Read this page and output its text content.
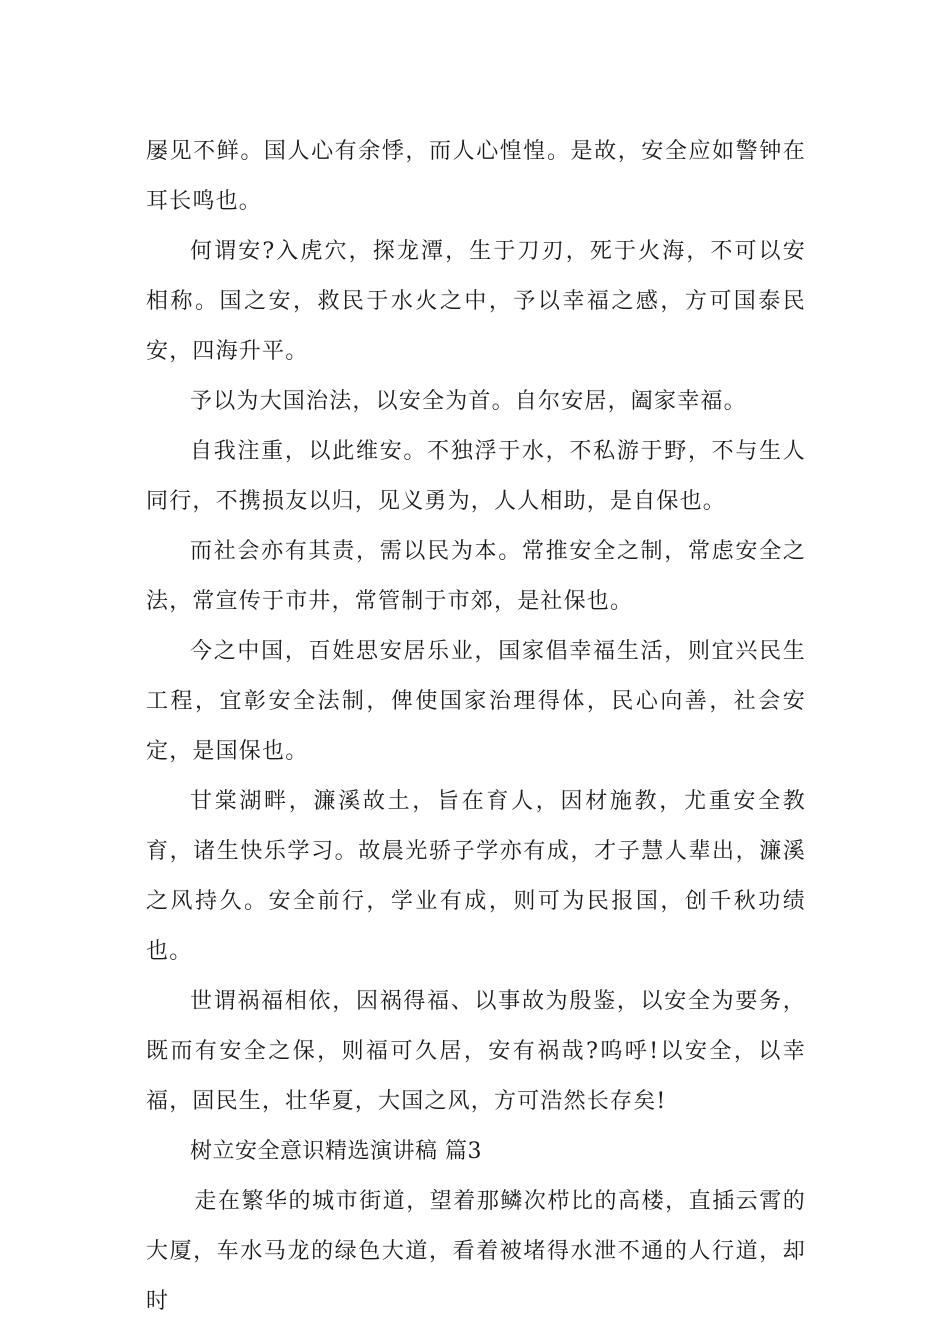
屡见不鲜。国人心有余悸，而人心惶惶。是故，安全应如警钟在耳长鸣也。

何谓安?入虎穴，探龙潭，生于刀刃，死于火海，不可以安相称。国之安，救民于水火之中，予以幸福之感，方可国泰民安，四海升平。

予以为大国治法，以安全为首。自尔安居，阖家幸福。

自我注重，以此维安。不独浮于水，不私游于野，不与生人同行，不携损友以归，见义勇为，人人相助，是自保也。

而社会亦有其责，需以民为本。常推安全之制，常虑安全之法，常宣传于市井，常管制于市郊，是社保也。

今之中国，百姓思安居乐业，国家倡幸福生活，则宜兴民生工程，宜彰安全法制，俾使国家治理得体，民心向善，社会安定，是国保也。

甘棠湖畔，濂溪故土，旨在育人，因材施教，尤重安全教育，诸生快乐学习。故晨光骄子学亦有成，才子慧人辈出，濂溪之风持久。安全前行，学业有成，则可为民报国，创千秋功绩也。

世谓祸福相依，因祸得福、以事故为殷鉴，以安全为要务，既而有安全之保，则福可久居，安有祸哉?呜呼!以安全，以幸福，固民生，壮华夏，大国之风，方可浩然长存矣!

树立安全意识精选演讲稿 篇3

走在繁华的城市街道，望着那鳞次栉比的高楼，直插云霄的大厦，车水马龙的绿色大道，看着被堵得水泄不通的人行道，却时
